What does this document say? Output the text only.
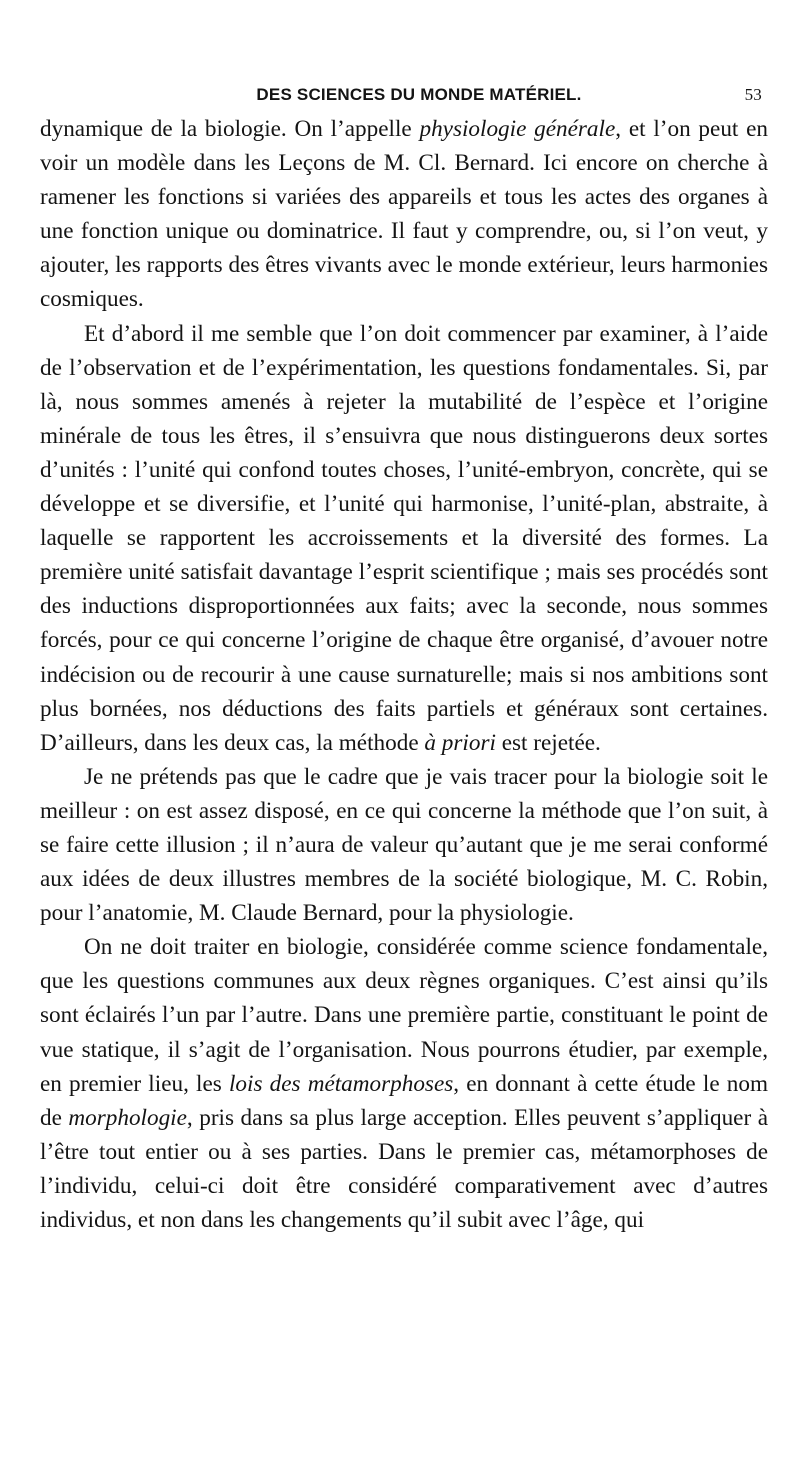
DES SCIENCES DU MONDE MATÉRIEL.	53

dynamique de la biologie. On l’appelle physiologie générale, et l’on peut en voir un modèle dans les Leçons de M. Cl. Bernard. Ici encore on cherche à ramener les fonctions si variées des appareils et tous les actes des organes à une fonction unique ou dominatrice. Il faut y comprendre, ou, si l’on veut, y ajouter, les rapports des êtres vivants avec le monde extérieur, leurs harmonies cosmiques.

Et d’abord il me semble que l’on doit commencer par examiner, à l’aide de l’observation et de l’expérimentation, les questions fondamentales. Si, par là, nous sommes amenés à rejeter la mutabilité de l’espèce et l’origine minérale de tous les êtres, il s’ensuivra que nous distinguerons deux sortes d’unités : l’unité qui confond toutes choses, l’unité-embryon, concrète, qui se développe et se diversifie, et l’unité qui harmonise, l’unité-plan, abstraite, à laquelle se rapportent les accroissements et la diversité des formes. La première unité satisfait davantage l’esprit scientifique ; mais ses procédés sont des inductions disproportionnées aux faits; avec la seconde, nous sommes forcés, pour ce qui concerne l’origine de chaque être organisé, d’avouer notre indécision ou de recourir à une cause surnaturelle; mais si nos ambitions sont plus bornées, nos déductions des faits partiels et généraux sont certaines. D’ailleurs, dans les deux cas, la méthode à priori est rejetée.

Je ne prétends pas que le cadre que je vais tracer pour la biologie soit le meilleur : on est assez disposé, en ce qui concerne la méthode que l’on suit, à se faire cette illusion ; il n’aura de valeur qu’autant que je me serai conformé aux idées de deux illustres membres de la société biologique, M. C. Robin, pour l’anatomie, M. Claude Bernard, pour la physiologie.

On ne doit traiter en biologie, considérée comme science fondamentale, que les questions communes aux deux règnes organiques. C’est ainsi qu’ils sont éclairés l’un par l’autre. Dans une première partie, constituant le point de vue statique, il s’agit de l’organisation. Nous pourrons étudier, par exemple, en premier lieu, les lois des métamorphoses, en donnant à cette étude le nom de morphologie, pris dans sa plus large acception. Elles peuvent s’appliquer à l’être tout entier ou à ses parties. Dans le premier cas, métamorphoses de l’individu, celui-ci doit être considéré comparativement avec d’autres individus, et non dans les changements qu’il subit avec l’âge, qui
